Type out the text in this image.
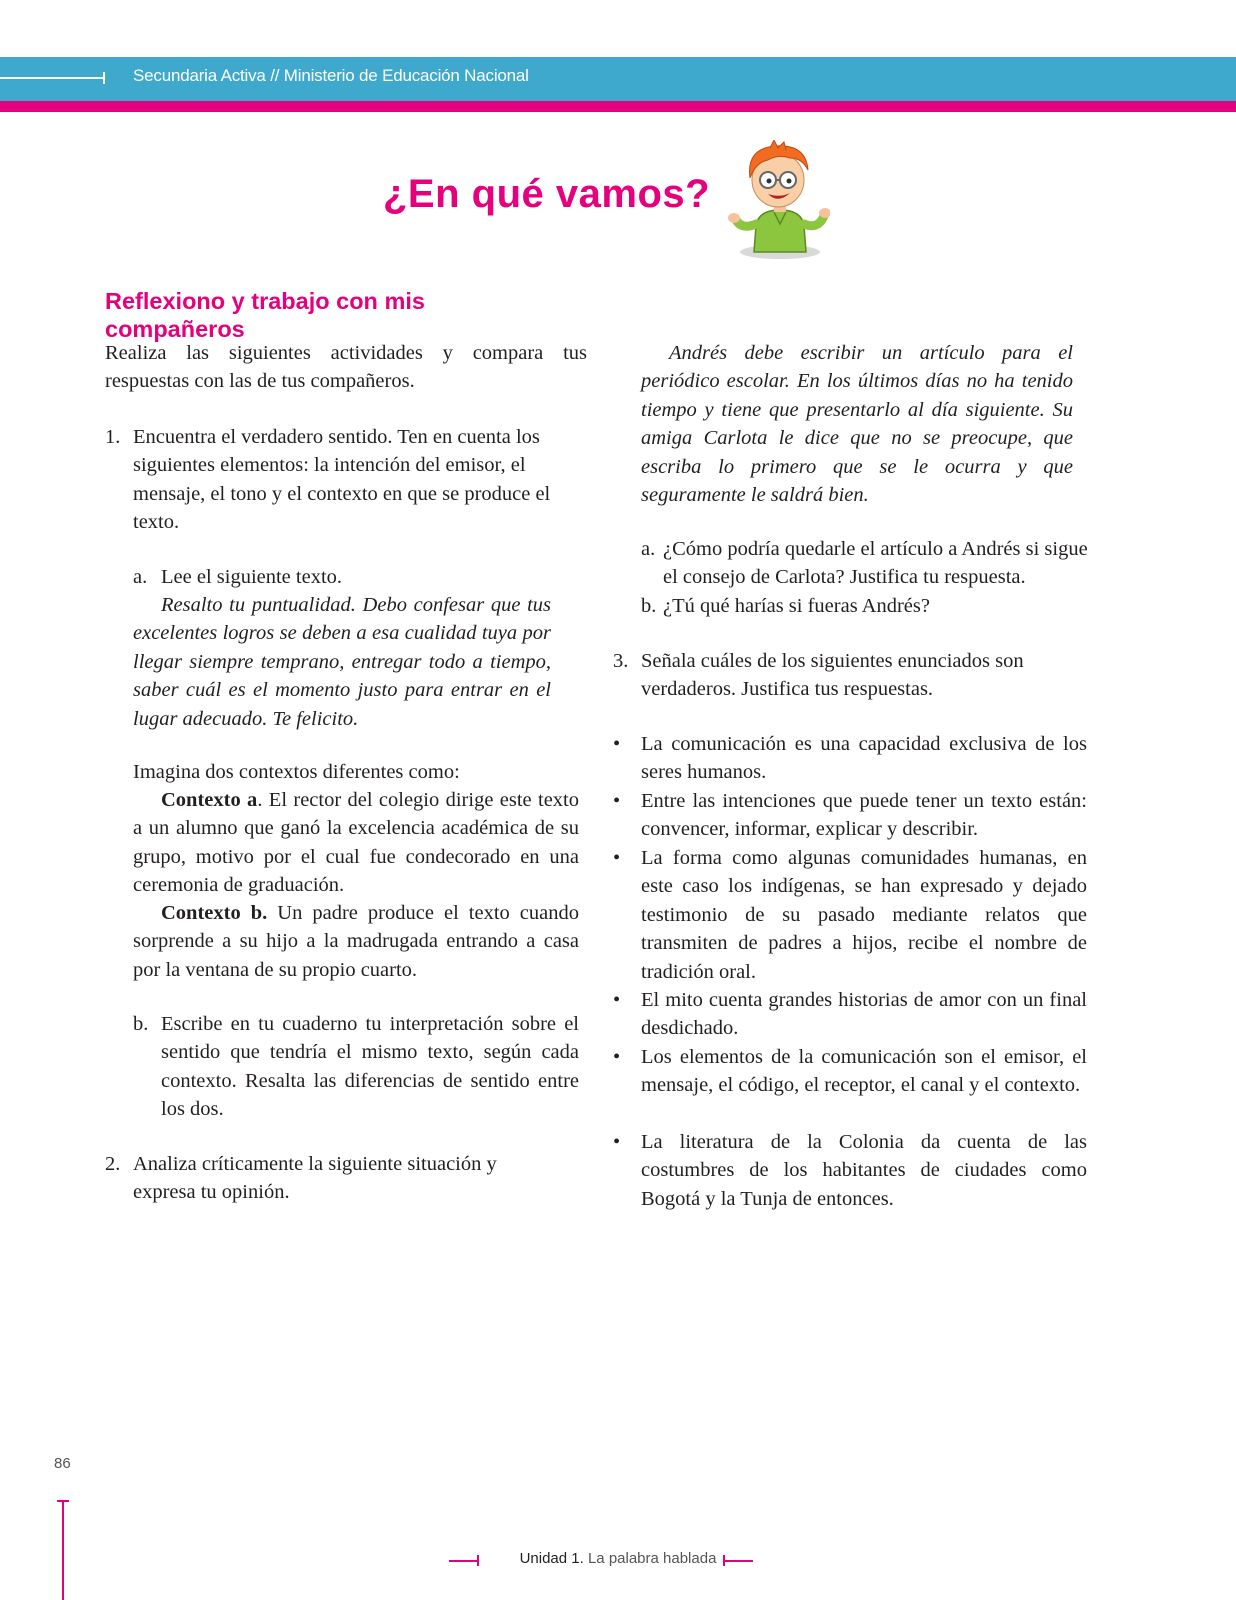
Secundaria Activa // Ministerio de Educación Nacional
¿En qué vamos?
Reflexiono y trabajo con mis compañeros
Realiza las siguientes actividades y compara tus respuestas con las de tus compañeros.
1. Encuentra el verdadero sentido. Ten en cuenta los siguientes elementos: la intención del emisor, el mensaje, el tono y el contexto en que se produce el texto.
a. Lee el siguiente texto.
Resalto tu puntualidad. Debo confesar que tus excelentes logros se deben a esa cualidad tuya por llegar siempre temprano, entregar todo a tiempo, saber cuál es el momento justo para entrar en el lugar adecuado. Te felicito.
Imagina dos contextos diferentes como:
Contexto a. El rector del colegio dirige este texto a un alumno que ganó la excelencia académica de su grupo, motivo por el cual fue condecorado en una ceremonia de graduación.
Contexto b. Un padre produce el texto cuando sorprende a su hijo a la madrugada entrando a casa por la ventana de su propio cuarto.
b. Escribe en tu cuaderno tu interpretación sobre el sentido que tendría el mismo texto, según cada contexto. Resalta las diferencias de sentido entre los dos.
2. Analiza críticamente la siguiente situación y expresa tu opinión.
Andrés debe escribir un artículo para el periódico escolar. En los últimos días no ha tenido tiempo y tiene que presentarlo al día siguiente. Su amiga Carlota le dice que no se preocupe, que escriba lo primero que se le ocurra y que seguramente le saldrá bien.
a. ¿Cómo podría quedarle el artículo a Andrés si sigue el consejo de Carlota? Justifica tu respuesta.
b. ¿Tú qué harías si fueras Andrés?
3. Señala cuáles de los siguientes enunciados son verdaderos. Justifica tus respuestas.
• La comunicación es una capacidad exclusiva de los seres humanos.
• Entre las intenciones que puede tener un texto están: convencer, informar, explicar y describir.
• La forma como algunas comunidades humanas, en este caso los indígenas, se han expresado y dejado testimonio de su pasado mediante relatos que transmiten de padres a hijos, recibe el nombre de tradición oral.
• El mito cuenta grandes historias de amor con un final desdichado.
• Los elementos de la comunicación son el emisor, el mensaje, el código, el receptor, el canal y el contexto.
• La literatura de la Colonia da cuenta de las costumbres de los habitantes de ciudades como Bogotá y la Tunja de entonces.
86
Unidad 1. La palabra hablada
